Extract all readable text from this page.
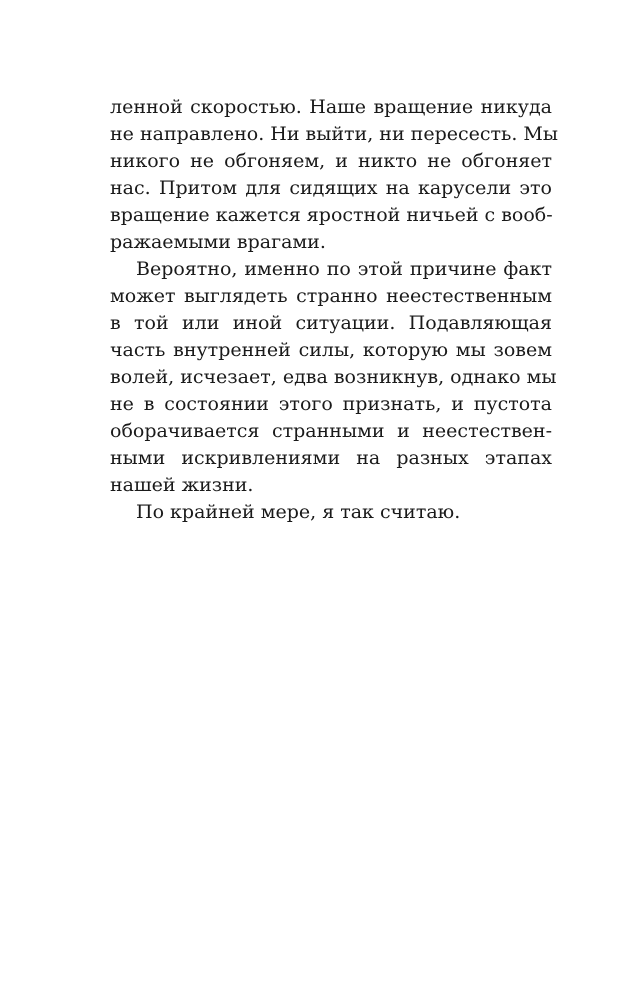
ленной скоростью. Наше вращение никуда
не направлено. Ни выйти, ни пересесть. Мы
никого не обгоняем, и никто не обгоняет
нас. Притом для сидящих на карусели это
вращение кажется яростной ничьей с вооб-
ражаемыми врагами.
Вероятно, именно по этой причине факт
может выглядеть странно неестественным
в той или иной ситуации. Подавляющая
часть внутренней силы, которую мы зовем
волей, исчезает, едва возникнув, однако мы
не в состоянии этого признать, и пустота
оборачивается странными и неестествен-
ными искривлениями на разных этапах
нашей жизни.
По крайней мере, я так считаю.
